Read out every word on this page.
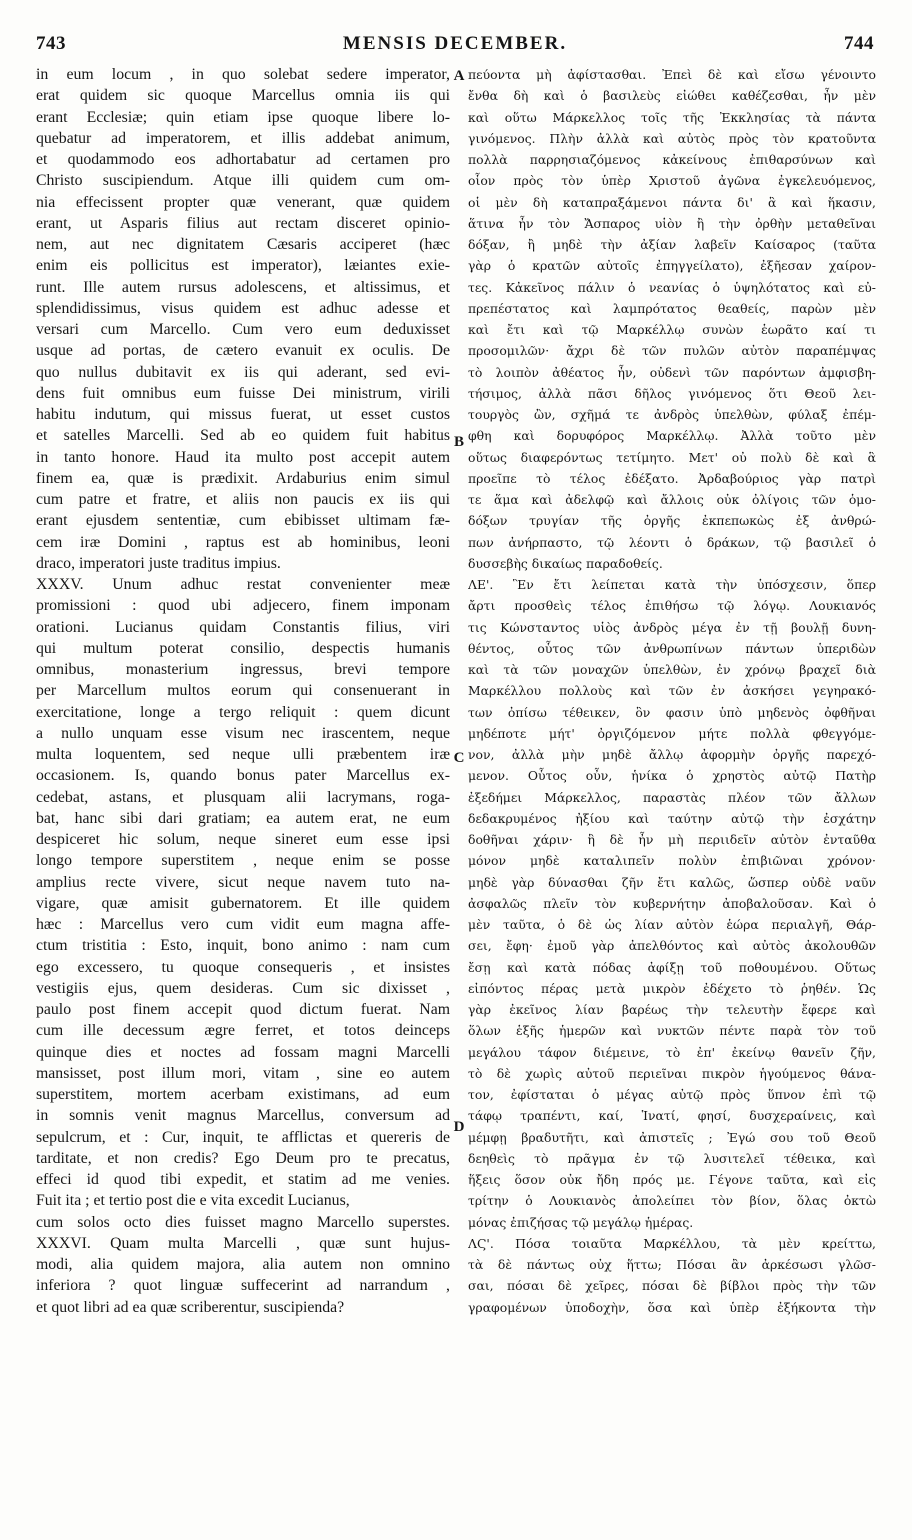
743	MENSIS DECEMBER.	744
A
B
C
D
in eum locum , in quo solebat sedere imperator,
erat quidem sic quoque Marcellus omnia iis qui
erant Ecclesiæ; quin etiam ipse quoque libere lo-
quebatur ad imperatorem, et illis addebat animum,
et quodammodo eos adhortabatur ad certamen pro
Christo suscipiendum. Atque illi quidem cum om-
nia effecissent propter quæ venerant, quæ quidem
erant, ut Asparis filius aut rectam disceret opinio-
nem, aut nec dignitatem Cæsaris acciperet (hæc
enim eis pollicitus est imperator), læiantes exie-
runt. Ille autem rursus adolescens, et altissimus, et
splendidissimus, visus quidem est adhuc adesse et
versari cum Marcello. Cum vero eum deduxisset
usque ad portas, de cætero evanuit ex oculis. De
quo nullus dubitavit ex iis qui aderant, sed evi-
dens fuit omnibus eum fuisse Dei ministrum, virili
habitu indutum, qui missus fuerat, ut esset custos
et satelles Marcelli. Sed ab eo quidem fuit habitus
in tanto honore. Haud ita multo post accepit autem
finem ea, quæ is prædixit. Ardaburius enim simul
cum patre et fratre, et aliis non paucis ex iis qui
erant ejusdem sententiæ, cum ebibisset ultimam fæ-
cem iræ Domini , raptus est ab hominibus, leoni
draco, imperatori juste traditus impius.
XXXV. Unum adhuc restat convenienter meæ
promissioni : quod ubi adjecero, finem imponam
orationi. Lucianus quidam Constantis filius, viri
qui multum poterat consilio, despectis humanis
omnibus, monasterium ingressus, brevi tempore
per Marcellum multos eorum qui consenuerant in
exercitatione, longe a tergo reliquit : quem dicunt
a nullo unquam esse visum nec irascentem, neque
multa loquentem, sed neque ulli præbentem iræ
occasionem. Is, quando bonus pater Marcellus ex-
cedebat, astans, et plusquam alii lacrymans, roga-
bat, hanc sibi dari gratiam; ea autem erat, ne eum
despiceret hic solum, neque sineret eum esse ipsi
longo tempore superstitem , neque enim se posse
amplius recte vivere, sicut neque navem tuto na-
vigare, quæ amisit gubernatorem. Et ille quidem
hæc : Marcellus vero cum vidit eum magna affe-
ctum tristitia : Esto, inquit, bono animo : nam cum
ego excessero, tu quoque consequeris , et insistes
vestigiis ejus, quem desideras. Cum sic dixisset ,
paulo post finem accepit quod dictum fuerat. Nam
cum ille decessum ægre ferret, et totos deinceps
quinque dies et noctes ad fossam magni Marcelli
mansisset, post illum mori, vitam , sine eo autem
superstitem, mortem acerbam existimans, ad eum
in somnis venit magnus Marcellus, conversum ad
sepulcrum, et : Cur, inquit, te afflictas et quereris de
tarditate, et non credis? Ego Deum pro te precatus,
effeci id quod tibi expedit, et statim ad me venies.
Fuit ita ; et tertio post die e vita excedit Lucianus,
cum solos octo dies fuisset magno Marcello superstes.
XXXVI. Quam multa Marcelli , quæ sunt hujus-
modi, alia quidem majora, alia autem non omnino
inferiora ? quot linguæ suffecerint ad narrandum ,
et quot libri ad ea quæ scriberentur, suscipienda?
πεύοντα μὴ ἀφίστασθαι. Ἐπεὶ δὲ καὶ εἴσω γένοιντο
ἔνθα δὴ καὶ ὁ βασιλεὺς εἰώθει καθέζεσθαι, ἦν μὲν
καὶ οὕτω Μάρκελλος τοῖς τῆς Ἐκκλησίας τὰ πάντα
γινόμενος. Πλὴν ἀλλὰ καὶ αὐτὸς πρὸς τὸν κρατοῦντα
πολλὰ παρρησιαζόμενος κἀκείνους ἐπιθαρσύνων καὶ
οἷον πρὸς τὸν ὑπὲρ Χριστοῦ ἀγῶνα ἐγκελευόμενος,
οἱ μὲν δὴ καταπραξάμενοι πάντα δι' ἃ καὶ ἥκασιν,
ἅτινα ἦν τὸν Ἄσπαρος υἱὸν ἢ τὴν ὀρθὴν μεταθεῖναι
δόξαν, ἢ μηδὲ τὴν ἀξίαν λαβεῖν Καίσαρος (ταῦτα
γὰρ ὁ κρατῶν αὐτοῖς ἐπηγγείλατο), ἐξῆεσαν χαίρον-
τες. Κἀκεῖνος πάλιν ὁ νεανίας ὁ ὑψηλότατος καὶ εὐ-
πρεπέστατος καὶ λαμπρότατος θεαθείς, παρὼν μὲν
καὶ ἔτι καὶ τῷ Μαρκέλλῳ συνὼν ἑωρᾶτο καί τι
προσομιλῶν· ἄχρι δὲ τῶν πυλῶν αὐτὸν παραπέμψας
τὸ λοιπὸν ἀθέατος ἦν, οὐδενὶ τῶν παρόντων ἀμφισβη-
τήσιμος, ἀλλὰ πᾶσι δῆλος γινόμενος ὅτι Θεοῦ λει-
τουργὸς ὢν, σχῆμά τε ἀνδρὸς ὑπελθὼν, φύλαξ ἐπέμ-
φθη καὶ δορυφόρος Μαρκέλλῳ. Ἀλλὰ τοῦτο μὲν
οὕτως διαφερόντως τετίμητο. Μετ' οὐ πολὺ δὲ καὶ ἃ
προεῖπε τὸ τέλος ἐδέξατο. Ἀρδαβούριος γὰρ πατρὶ
τε ἅμα καὶ ἀδελφῷ καὶ ἄλλοις οὐκ ὀλίγοις τῶν ὁμο-
δόξων τρυγίαν τῆς ὀργῆς ἐκπεπωκὼς ἐξ ἀνθρώ-
πων ἀνήρπαστο, τῷ λέοντι ὁ δράκων, τῷ βασιλεῖ ὁ
δυσσεβὴς δικαίως παραδοθείς.
ΛΕ'. Ἓν ἔτι λείπεται κατὰ τὴν ὑπόσχεσιν, ὅπερ
ἄρτι προσθεὶς τέλος ἐπιθήσω τῷ λόγῳ. Λουκιανός
τις Κώνσταντος υἱὸς ἀνδρὸς μέγα ἐν τῇ βουλῇ δυνη-
θέντος, οὗτος τῶν ἀνθρωπίνων πάντων ὑπεριδὼν
καὶ τὰ τῶν μοναχῶν ὑπελθὼν, ἐν χρόνῳ βραχεῖ διὰ
Μαρκέλλου πολλοὺς καὶ τῶν ἐν ἀσκήσει γεγηρακό-
των ὀπίσω τέθεικεν, ὃν φασιν ὑπὸ μηδενὸς ὀφθῆναι
μηδέποτε μήτ' ὀργιζόμενον μήτε πολλὰ φθεγγόμε-
νον, ἀλλὰ μὴν μηδὲ ἄλλῳ ἀφορμὴν ὀργῆς παρεχό-
μενον. Οὗτος οὖν, ἡνίκα ὁ χρηστὸς αὐτῷ Πατὴρ
ἐξεδήμει Μάρκελλος, παραστὰς πλέον τῶν ἄλλων
δεδακρυμένος ἠξίου καὶ ταύτην αὐτῷ τὴν ἐσχάτην
δοθῆναι χάριν· ἣ δὲ ἦν μὴ περιιδεῖν αὐτὸν ἐνταῦθα
μόνον μηδὲ καταλιπεῖν πολὺν ἐπιβιῶναι χρόνον·
μηδὲ γὰρ δύνασθαι ζῆν ἔτι καλῶς, ὥσπερ οὐδὲ ναῦν
ἀσφαλῶς πλεῖν τὸν κυβερνήτην ἀποβαλοῦσαν. Καὶ ὁ
μὲν ταῦτα, ὁ δὲ ὡς λίαν αὐτὸν ἑώρα περιαλγῆ, Θάρ-
σει, ἔφη· ἐμοῦ γὰρ ἀπελθόντος καὶ αὐτὸς ἀκολουθῶν
ἔσῃ καὶ κατὰ πόδας ἀφίξῃ τοῦ ποθουμένου. Οὕτως
εἰπόντος πέρας μετὰ μικρὸν ἐδέχετο τὸ ῥηθέν. Ὡς
γὰρ ἐκεῖνος λίαν βαρέως τὴν τελευτὴν ἔφερε καὶ
ὅλων ἑξῆς ἡμερῶν καὶ νυκτῶν πέντε παρὰ τὸν τοῦ
μεγάλου τάφον διέμεινε, τὸ ἐπ' ἐκείνῳ θανεῖν ζῆν,
τὸ δὲ χωρὶς αὐτοῦ περιεῖναι πικρὸν ἡγούμενος θάνα-
τον, ἐφίσταται ὁ μέγας αὐτῷ πρὸς ὕπνον ἐπὶ τῷ
τάφῳ τραπέντι, καί, Ἱνατί, φησί, δυσχεραίνεις, καὶ
μέμφῃ βραδυτῆτι, καὶ ἀπιστεῖς ; Ἐγώ σου τοῦ Θεοῦ
δεηθεὶς τὸ πρᾶγμα ἐν τῷ λυσιτελεῖ τέθεικα, καὶ
ἥξεις ὅσον οὐκ ἤδη πρός με. Γέγονε ταῦτα, καὶ εἰς
τρίτην ὁ Λουκιανὸς ἀπολείπει τὸν βίον, ὅλας ὀκτὼ
μόνας ἐπιζήσας τῷ μεγάλῳ ἡμέρας.
ΛϚ'. Πόσα τοιαῦτα Μαρκέλλου, τὰ μὲν κρείττω,
τὰ δὲ πάντως οὐχ ἥττω; Πόσαι ἂν ἀρκέσωσι γλῶσ-
σαι, πόσαι δὲ χεῖρες, πόσαι δὲ βίβλοι πρὸς τὴν τῶν
γραφομένων ὑποδοχὴν, ὅσα καὶ ὑπὲρ ἐξήκοντα τὴν
